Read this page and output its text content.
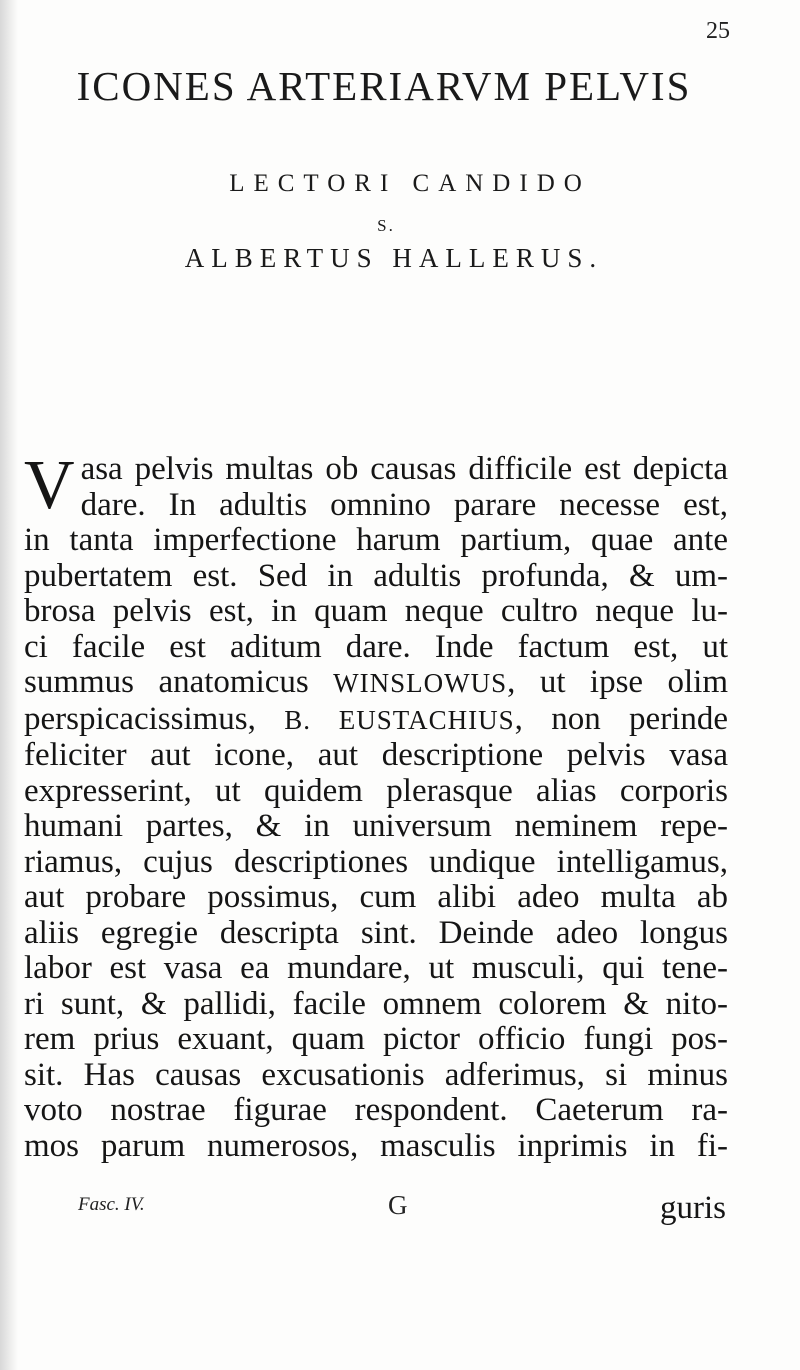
25
ICONES ARTERIARVM PELVIS
LECTORI CANDIDO
S.
ALBERTUS HALLERUS.
V asa pelvis multas ob causas difficile est depicta
dare. In adultis omnino parare necesse est,
in tanta imperfectione harum partium, quae ante
pubertatem est. Sed in adultis profunda, & um-
brosa pelvis est, in quam neque cultro neque lu-
ci facile est aditum dare. Inde factum est, ut
summus anatomicus WINSLOWUS, ut ipse olim
perspicacissimus, B. EUSTACHIUS, non perinde
feliciter aut icone, aut descriptione pelvis vasa
expresserint, ut quidem plerasque alias corporis
humani partes, & in universum neminem repe-
riamus, cujus descriptiones undique intelligamus,
aut probare possimus, cum alibi adeo multa ab
aliis egregie descripta sint. Deinde adeo longus
labor est vasa ea mundare, ut musculi, qui tene-
ri sunt, & pallidi, facile omnem colorem & nito-
rem prius exuant, quam pictor officio fungi pos-
sit. Has causas excusationis adferimus, si minus
voto nostrae figurae respondent. Caeterum ra-
mos parum numerosos, masculis inprimis in fi-
Fasc. IV.	G	guris
